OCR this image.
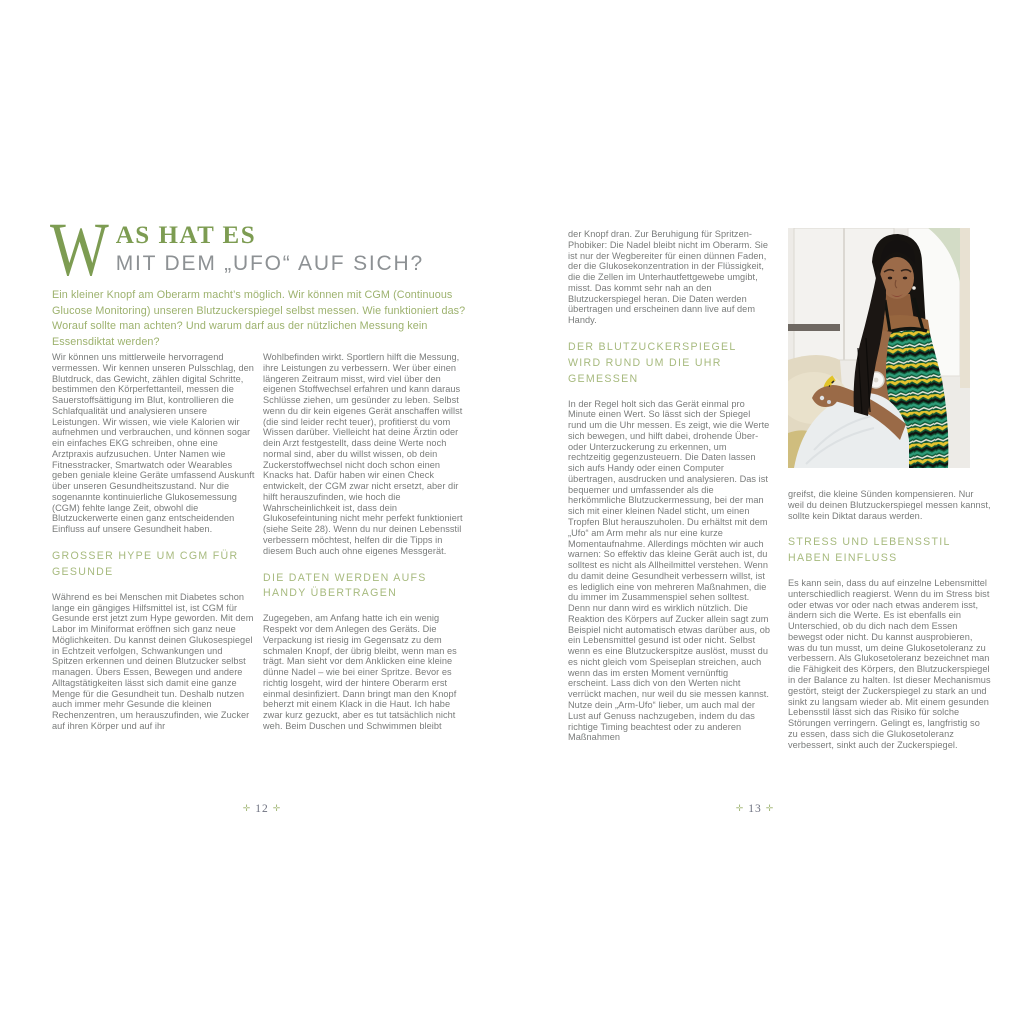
W AS HAT ES
MIT DEM „UFO“ AUF SICH?

Ein kleiner Knopf am Oberarm macht’s möglich. Wir können mit CGM (Continuous Glucose Monitoring) unseren Blutzuckerspiegel selbst messen. Wie funktioniert das? Worauf sollte man achten? Und warum darf aus der nützlichen Messung kein Essensdiktat werden?

Wir können uns mittlerweile hervorragend vermessen. Wir kennen unseren Pulsschlag, den Blutdruck, das Gewicht, zählen digital Schritte, bestimmen den Körperfettanteil, messen die Sauerstoffsättigung im Blut, kontrollieren die Schlafqualität und analysieren unsere Leistungen. Wir wissen, wie viele Kalorien wir aufnehmen und verbrauchen, und können sogar ein einfaches EKG schreiben, ohne eine Arztpraxis aufzusuchen. Unter Namen wie Fitnesstracker, Smartwatch oder Wearables geben geniale kleine Geräte umfassend Auskunft über unseren Gesundheitszustand. Nur die sogenannte kontinuierliche Glukosemessung (CGM) fehlte lange Zeit, obwohl die Blutzuckerwerte einen ganz entscheidenden Einfluss auf unsere Gesundheit haben.

GROSSER HYPE UM CGM FÜR GESUNDE

Während es bei Menschen mit Diabetes schon lange ein gängiges Hilfsmittel ist, ist CGM für Gesunde erst jetzt zum Hype geworden. Mit dem Labor im Miniformat eröffnen sich ganz neue Möglichkeiten. Du kannst deinen Glukosespiegel in Echtzeit verfolgen, Schwankungen und Spitzen erkennen und deinen Blutzucker selbst managen. Übers Essen, Bewegen und andere Alltagstätigkeiten lässt sich damit eine ganze Menge für die Gesundheit tun. Deshalb nutzen auch immer mehr Gesunde die kleinen Rechenzentren, um herauszufinden, wie Zucker auf ihren Körper und auf ihr

Wohlbefinden wirkt. Sportlern hilft die Messung, ihre Leistungen zu verbessern. Wer über einen längeren Zeitraum misst, wird viel über den eigenen Stoffwechsel erfahren und kann daraus Schlüsse ziehen, um gesünder zu leben. Selbst wenn du dir kein eigenes Gerät anschaffen willst (die sind leider recht teuer), profitierst du vom Wissen darüber. Vielleicht hat deine Ärztin oder dein Arzt festgestellt, dass deine Werte noch normal sind, aber du willst wissen, ob dein Zuckerstoffwechsel nicht doch schon einen Knacks hat. Dafür haben wir einen Check entwickelt, der CGM zwar nicht ersetzt, aber dir hilft herauszufinden, wie hoch die Wahrscheinlichkeit ist, dass dein Glukosefeintuning nicht mehr perfekt funktioniert (siehe Seite 28). Wenn du nur deinen Lebensstil verbessern möchtest, helfen dir die Tipps in diesem Buch auch ohne eigenes Messgerät.

DIE DATEN WERDEN AUFS HANDY ÜBERTRAGEN

Zugegeben, am Anfang hatte ich ein wenig Respekt vor dem Anlegen des Geräts. Die Verpackung ist riesig im Gegensatz zu dem schmalen Knopf, der übrig bleibt, wenn man es trägt. Man sieht vor dem Anklicken eine kleine dünne Nadel – wie bei einer Spritze. Bevor es richtig losgeht, wird der hintere Oberarm erst einmal desinfiziert. Dann bringt man den Knopf beherzt mit einem Klack in die Haut. Ich habe zwar kurz gezuckt, aber es tut tatsächlich nicht weh. Beim Duschen und Schwimmen bleibt

✛ 12 ✛

der Knopf dran. Zur Beruhigung für Spritzen-Phobiker: Die Nadel bleibt nicht im Oberarm. Sie ist nur der Wegbereiter für einen dünnen Faden, der die Glukosekonzentration in der Flüssigkeit, die die Zellen im Unterhautfettgewebe umgibt, misst. Das kommt sehr nah an den Blutzuckerspiegel heran. Die Daten werden übertragen und erscheinen dann live auf dem Handy.

DER BLUTZUCKERSPIEGEL WIRD RUND UM DIE UHR GEMESSEN

In der Regel holt sich das Gerät einmal pro Minute einen Wert. So lässt sich der Spiegel rund um die Uhr messen. Es zeigt, wie die Werte sich bewegen, und hilft dabei, drohende Über- oder Unterzuckerung zu erkennen, um rechtzeitig gegenzusteuern. Die Daten lassen sich aufs Handy oder einen Computer übertragen, ausdrucken und analysieren. Das ist bequemer und umfassender als die herkömmliche Blutzuckermessung, bei der man sich mit einer kleinen Nadel sticht, um einen Tropfen Blut herauszuholen. Du erhältst mit dem „Ufo“ am Arm mehr als nur eine kurze Momentaufnahme. Allerdings möchten wir auch warnen: So effektiv das kleine Gerät auch ist, du solltest es nicht als Allheilmittel verstehen. Wenn du damit deine Gesundheit verbessern willst, ist es lediglich eine von mehreren Maßnahmen, die du immer im Zusammenspiel sehen solltest. Denn nur dann wird es wirklich nützlich. Die Reaktion des Körpers auf Zucker allein sagt zum Beispiel nicht automatisch etwas darüber aus, ob ein Lebensmittel gesund ist oder nicht. Selbst wenn es eine Blutzuckerspitze auslöst, musst du es nicht gleich vom Speiseplan streichen, auch wenn das im ersten Moment vernünftig erscheint. Lass dich von den Werten nicht verrückt machen, nur weil du sie messen kannst. Nutze dein „Arm-Ufo“ lieber, um auch mal der Lust auf Genuss nachzugeben, indem du das richtige Timing beachtest oder zu anderen Maßnahmen

greifst, die kleine Sünden kompensieren. Nur weil du deinen Blutzuckerspiegel messen kannst, sollte kein Diktat daraus werden.

STRESS UND LEBENSSTIL HABEN EINFLUSS

Es kann sein, dass du auf einzelne Lebensmittel unterschiedlich reagierst. Wenn du im Stress bist oder etwas vor oder nach etwas anderem isst, ändern sich die Werte. Es ist ebenfalls ein Unterschied, ob du dich nach dem Essen bewegst oder nicht. Du kannst ausprobieren, was du tun musst, um deine Glukosetoleranz zu verbessern. Als Glukosetoleranz bezeichnet man die Fähigkeit des Körpers, den Blutzuckerspiegel in der Balance zu halten. Ist dieser Mechanismus gestört, steigt der Zuckerspiegel zu stark an und sinkt zu langsam wieder ab. Mit einem gesunden Lebensstil lässt sich das Risiko für solche Störungen verringern. Gelingt es, langfristig so zu essen, dass sich die Glukosetoleranz verbessert, sinkt auch der Zuckerspiegel.

✛ 13 ✛
